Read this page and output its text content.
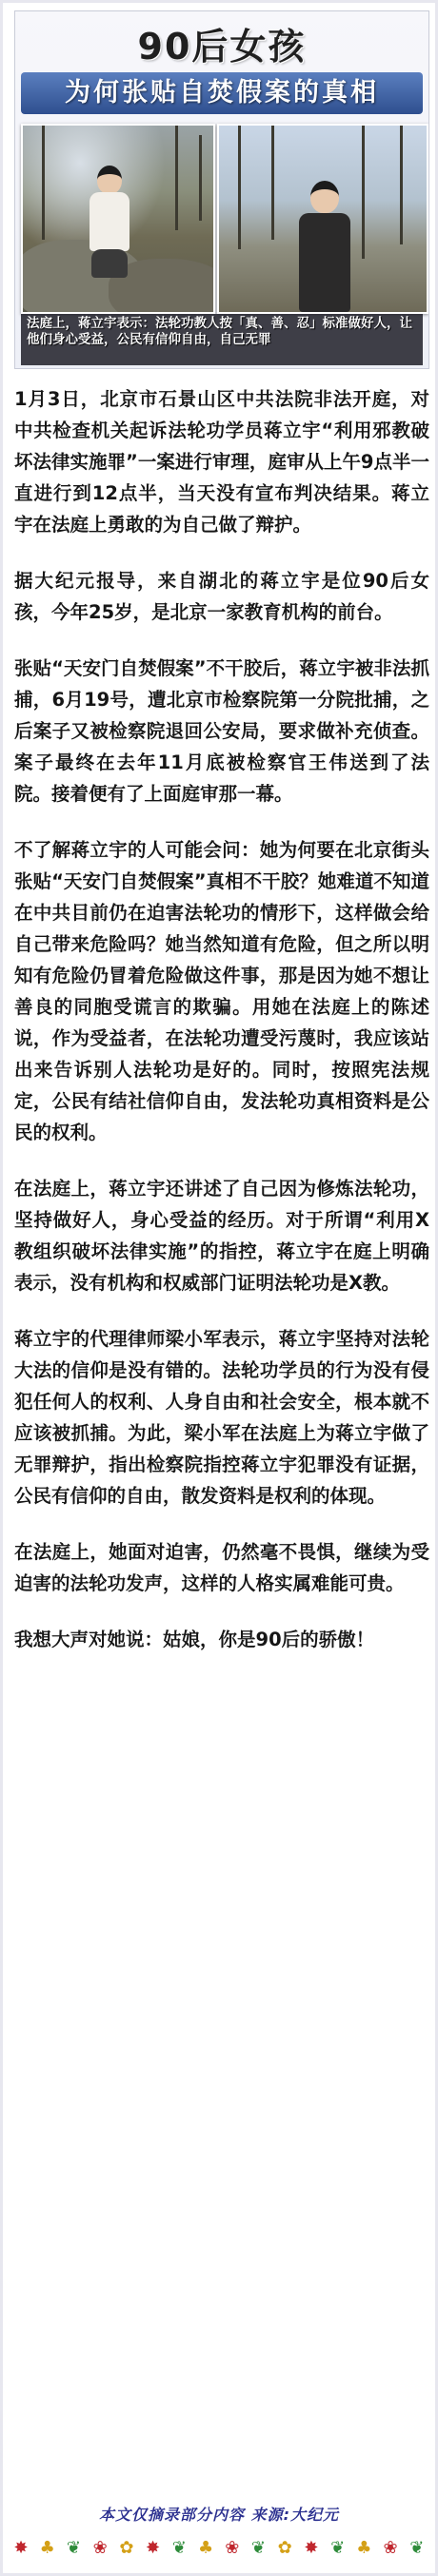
90后女孩
为何张贴自焚假案的真相
法庭上，蒋立宇表示：法轮功教人按「真、善、忍」标准做好人，让他们身心受益，公民有信仰自由，自己无罪

1月3日，北京市石景山区中共法院非法开庭，对中共检查机关起诉法轮功学员蒋立宇“利用邪教破坏法律实施罪”一案进行审理，庭审从上午9点半一直进行到12点半，当天没有宣布判决结果。蒋立宇在法庭上勇敢的为自己做了辩护。

据大纪元报导，来自湖北的蒋立宇是位90后女孩，今年25岁，是北京一家教育机构的前台。

张贴“天安门自焚假案”不干胶后，蒋立宇被非法抓捕，6月19号，遭北京市检察院第一分院批捕，之后案子又被检察院退回公安局，要求做补充侦查。案子最终在去年11月底被检察官王伟送到了法院。接着便有了上面庭审那一幕。

不了解蒋立宇的人可能会问：她为何要在北京街头张贴“天安门自焚假案”真相不干胶？她难道不知道在中共目前仍在迫害法轮功的情形下，这样做会给自己带来危险吗？她当然知道有危险，但之所以明知有危险仍冒着危险做这件事，那是因为她不想让善良的同胞受谎言的欺骗。用她在法庭上的陈述说，作为受益者，在法轮功遭受污蔑时，我应该站出来告诉别人法轮功是好的。同时，按照宪法规定，公民有结社信仰自由，发法轮功真相资料是公民的权利。

在法庭上，蒋立宇还讲述了自己因为修炼法轮功，坚持做好人，身心受益的经历。对于所谓“利用X教组织破坏法律实施”的指控，蒋立宇在庭上明确表示，没有机构和权威部门证明法轮功是X教。

蒋立宇的代理律师梁小军表示，蒋立宇坚持对法轮大法的信仰是没有错的。法轮功学员的行为没有侵犯任何人的权利、人身自由和社会安全，根本就不应该被抓捕。为此，梁小军在法庭上为蒋立宇做了无罪辩护，指出检察院指控蒋立宇犯罪没有证据，公民有信仰的自由，散发资料是权利的体现。

在法庭上，她面对迫害，仍然毫不畏惧，继续为受迫害的法轮功发声，这样的人格实属难能可贵。

我想大声对她说：姑娘，你是90后的骄傲！

本文仅摘录部分内容 来源:大纪元
✸ ♣ ❦ ❀ ✿ ✸ ❦ ♣ ❀ ❦ ✿ ✸ ❦ ♣ ❀ ❦
